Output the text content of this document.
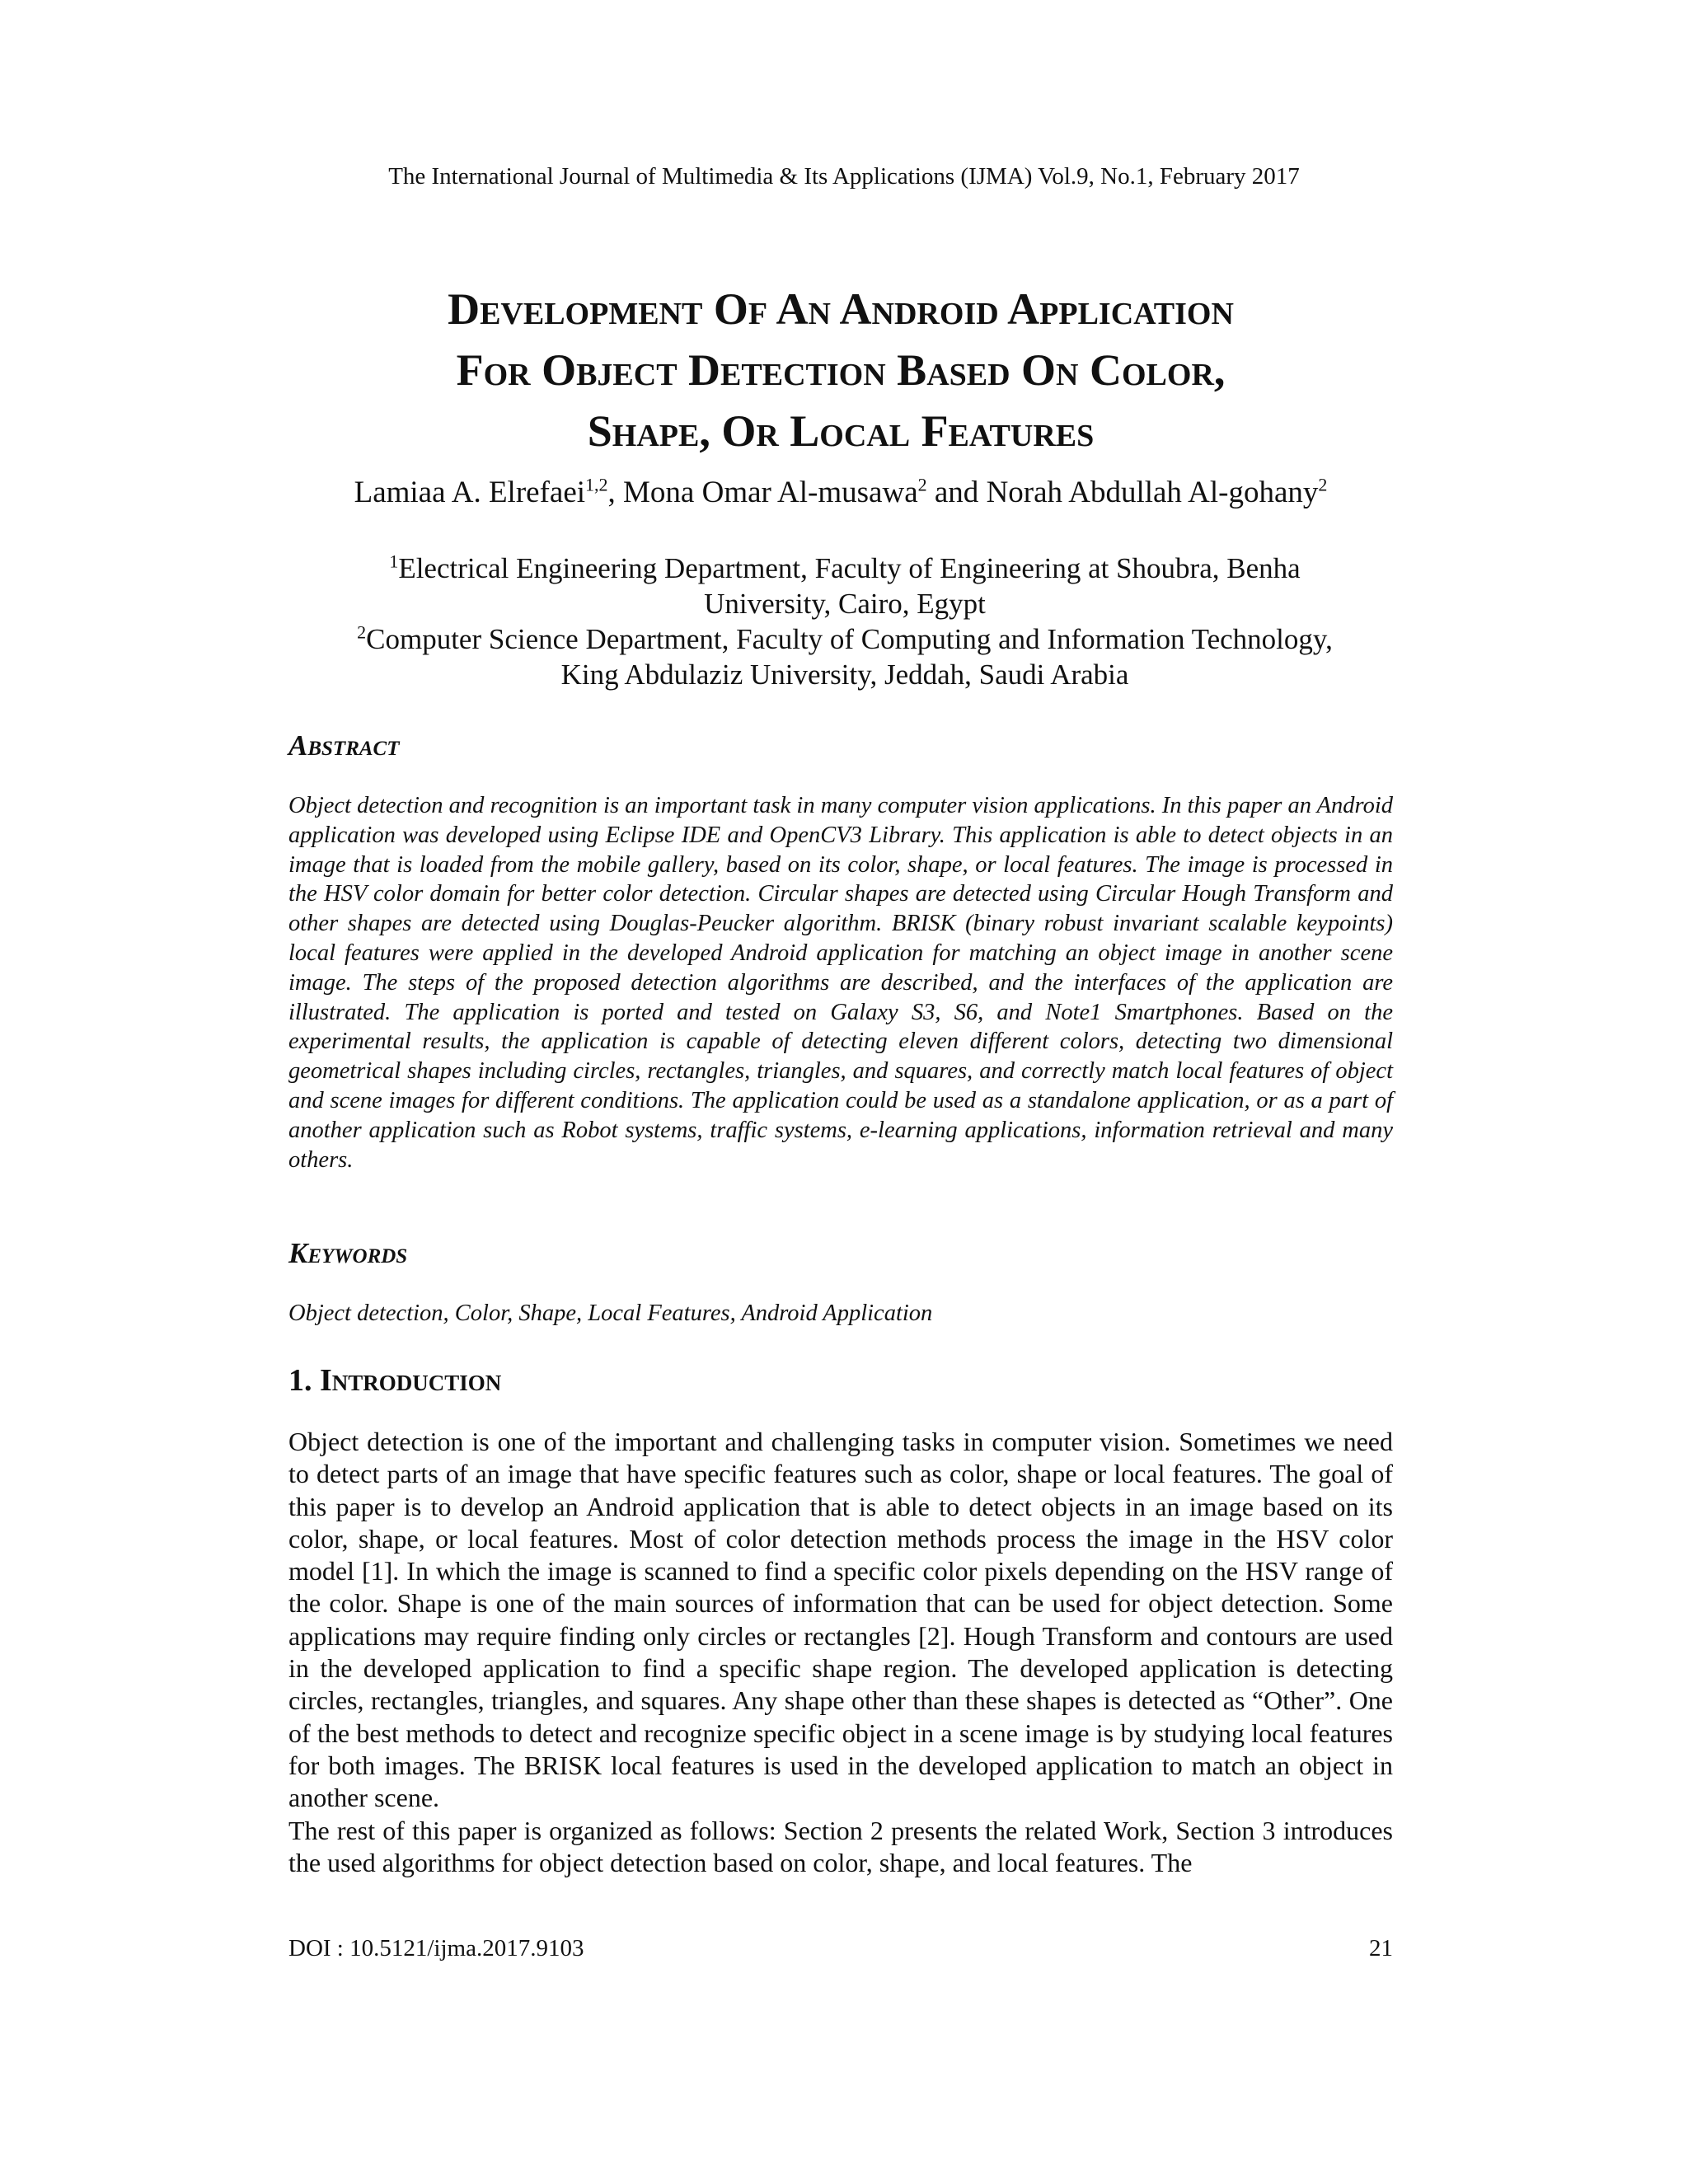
The International Journal of Multimedia & Its Applications (IJMA) Vol.9, No.1, February 2017
Development Of An Android Application
For Object Detection Based On Color,
Shape, Or Local Features
Lamiaa A. Elrefaei$^{1,2}$, Mona Omar Al-musawa$^2$ and Norah Abdullah Al-gohany$^2$
$^1$Electrical Engineering Department, Faculty of Engineering at Shoubra, Benha
University, Cairo, Egypt
$^2$Computer Science Department, Faculty of Computing and Information Technology,
King Abdulaziz University, Jeddah, Saudi Arabia
Abstract

Object detection and recognition is an important task in many computer vision applications. In this paper an Android application was developed using Eclipse IDE and OpenCV3 Library. This application is able to detect objects in an image that is loaded from the mobile gallery, based on its color, shape, or local features. The image is processed in the HSV color domain for better color detection. Circular shapes are detected using Circular Hough Transform and other shapes are detected using Douglas-Peucker algorithm. BRISK (binary robust invariant scalable keypoints) local features were applied in the developed Android application for matching an object image in another scene image. The steps of the proposed detection algorithms are described, and the interfaces of the application are illustrated. The application is ported and tested on Galaxy S3, S6, and Note1 Smartphones. Based on the experimental results, the application is capable of detecting eleven different colors, detecting two dimensional geometrical shapes including circles, rectangles, triangles, and squares, and correctly match local features of object and scene images for different conditions. The application could be used as a standalone application, or as a part of another application such as Robot systems, traffic systems, e-learning applications, information retrieval and many others.

Keywords

Object detection, Color, Shape, Local Features, Android Application

1. Introduction

Object detection is one of the important and challenging tasks in computer vision. Sometimes we need to detect parts of an image that have specific features such as color, shape or local features. The goal of this paper is to develop an Android application that is able to detect objects in an image based on its color, shape, or local features. Most of color detection methods process the image in the HSV color model [1]. In which the image is scanned to find a specific color pixels depending on the HSV range of the color. Shape is one of the main sources of information that can be used for object detection. Some applications may require finding only circles or rectangles [2]. Hough Transform and contours are used in the developed application to find a specific shape region. The developed application is detecting circles, rectangles, triangles, and squares. Any shape other than these shapes is detected as “Other”. One of the best methods to detect and recognize specific object in a scene image is by studying local features for both images. The BRISK local features is used in the developed application to match an object in another scene.

The rest of this paper is organized as follows: Section 2 presents the related Work, Section 3 introduces the used algorithms for object detection based on color, shape, and local features. The

DOI : 10.5121/ijma.2017.9103	21
